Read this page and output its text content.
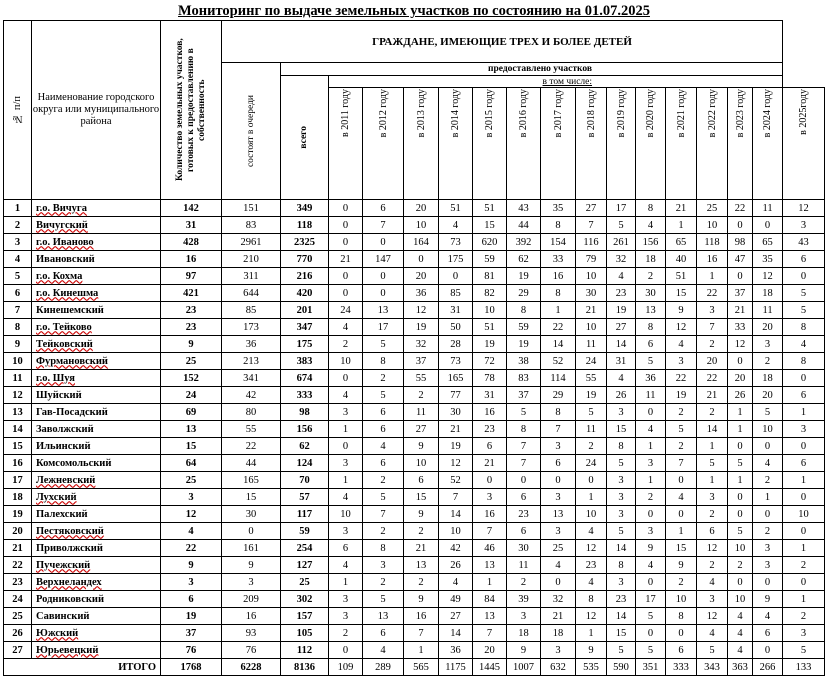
Мониторинг по выдаче земельных участков по состоянию на 01.07.2025
№ п/п	Наименование городского округа или муниципального района	Количество земельных участков, готовых к предоставлению в собственность	ГРАЖДАНЕ, ИМЕЮЩИЕ ТРЕХ И БОЛЕЕ ДЕТЕЙ																

			состоят в очереди	предоставлено участков															

				всего	в том числе:														

					в 2011 году	в 2012 году	в 2013 году	в 2014 году	в 2015 году	в 2016 году	в 2017 году	в 2018 году	в 2019 году	в 2020 году	в 2021 году	в 2022 году	в 2023 году	в 2024 году	в 2025году

1	г.о. Вичуга	142	151	349	0	6	20	51	51	43	35	27	17	8	21	25	22	11	12
2	Вичугский	31	83	118	0	7	10	4	15	44	8	7	5	4	1	10	0	0	3
3	г.о. Иваново	428	2961	2325	0	0	164	73	620	392	154	116	261	156	65	118	98	65	43
4	Ивановский	16	210	770	21	147	0	175	59	62	33	79	32	18	40	16	47	35	6
5	г.о. Кохма	97	311	216	0	0	20	0	81	19	16	10	4	2	51	1	0	12	0
6	г.о. Кинешма	421	644	420	0	0	36	85	82	29	8	30	23	30	15	22	37	18	5
7	Кинешемский	23	85	201	24	13	12	31	10	8	1	21	19	13	9	3	21	11	5
8	г.о. Тейково	23	173	347	4	17	19	50	51	59	22	10	27	8	12	7	33	20	8
9	Тейковский	9	36	175	2	5	32	28	19	19	14	11	14	6	4	2	12	3	4
10	Фурмановский	25	213	383	10	8	37	73	72	38	52	24	31	5	3	20	0	2	8
11	г.о. Шуя	152	341	674	0	2	55	165	78	83	114	55	4	36	22	22	20	18	0
12	Шуйский	24	42	333	4	5	2	77	31	37	29	19	26	11	19	21	26	20	6
13	Гав-Посадский	69	80	98	3	6	11	30	16	5	8	5	3	0	2	2	1	5	1
14	Заволжский	13	55	156	1	6	27	21	23	8	7	11	15	4	5	14	1	10	3
15	Ильинский	15	22	62	0	4	9	19	6	7	3	2	8	1	2	1	0	0	0
16	Комсомольский	64	44	124	3	6	10	12	21	7	6	24	5	3	7	5	5	4	6
17	Лежневский	25	165	70	1	2	6	52	0	0	0	0	3	1	0	1	1	2	1
18	Лухский	3	15	57	4	5	15	7	3	6	3	1	3	2	4	3	0	1	0
19	Палехский	12	30	117	10	7	9	14	16	23	13	10	3	0	0	2	0	0	10
20	Пестяковский	4	0	59	3	2	2	10	7	6	3	4	5	3	1	6	5	2	0
21	Приволжский	22	161	254	6	8	21	42	46	30	25	12	14	9	15	12	10	3	1
22	Пучежский	9	9	127	4	3	13	26	13	11	4	23	8	4	9	2	2	3	2
23	Верхнеландех	3	3	25	1	2	2	4	1	2	0	4	3	0	2	4	0	0	0
24	Родниковский	6	209	302	3	5	9	49	84	39	32	8	23	17	10	3	10	9	1
25	Савинский	19	16	157	3	13	16	27	13	3	21	12	14	5	8	12	4	4	2
26	Южский	37	93	105	2	6	7	14	7	18	18	1	15	0	0	4	4	6	3
27	Юрьевецкий	76	76	112	0	4	1	36	20	9	3	9	5	5	6	5	4	0	5
ИТОГО		1768	6228	8136	109	289	565	1175	1445	1007	632	535	590	351	333	343	363	266	133
